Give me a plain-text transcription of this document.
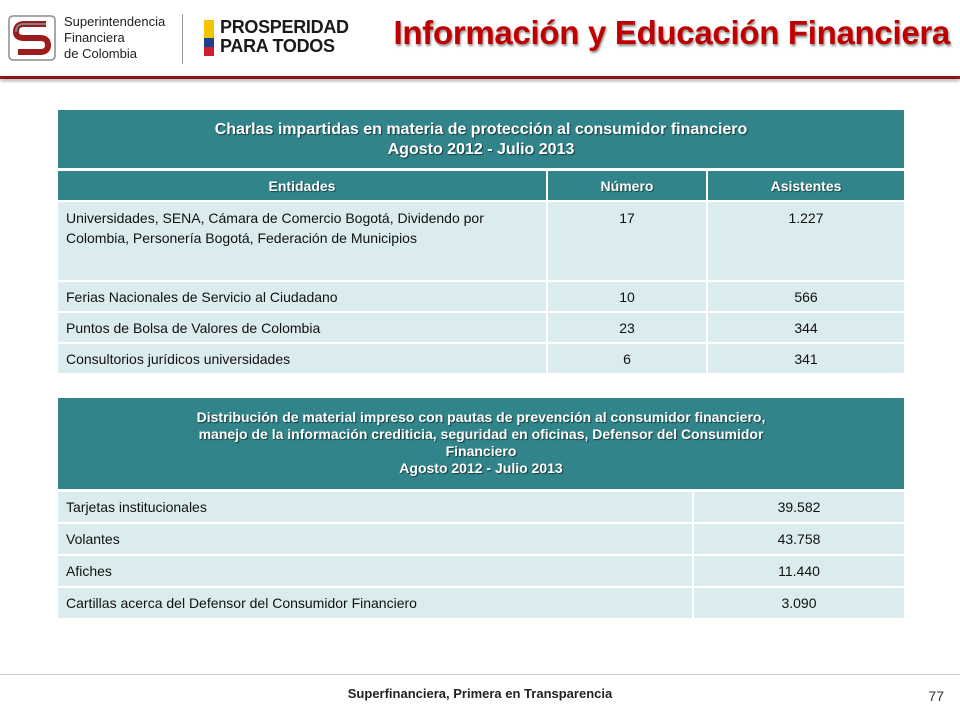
Superintendencia
Financiera
de Colombia
PROSPERIDAD
PARA TODOS	Información y Educación Financiera
Charlas impartidas en materia de protección al consumidor financiero
Agosto 2012 - Julio 2013		

Entidades	Número	Asistentes
Universidades, SENA, Cámara de Comercio Bogotá, Dividendo por Colombia, Personería Bogotá, Federación de Municipios	17	1.227
Ferias Nacionales de Servicio al Ciudadano	10	566
Puntos de Bolsa de Valores de Colombia	23	344
Consultorios jurídicos universidades	6	341
Distribución de material impreso con pautas de prevención al consumidor financiero,
manejo de la información crediticia, seguridad en oficinas, Defensor del Consumidor
Financiero
Agosto 2012 - Julio 2013	

Tarjetas institucionales	39.582
Volantes	43.758
Afiches	11.440
Cartillas acerca del Defensor del Consumidor Financiero	3.090
Superfinanciera, Primera en Transparencia	77
